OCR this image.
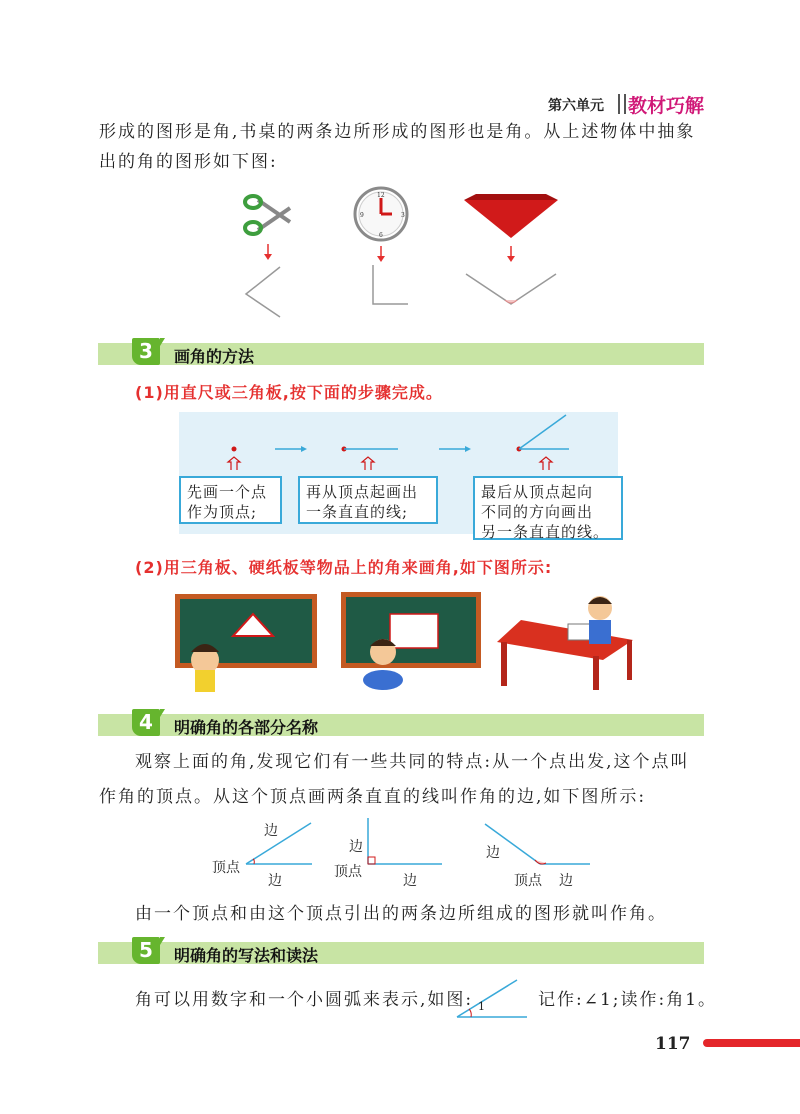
第六单元 教材巧解
形成的图形是角,书桌的两条边所形成的图形也是角。从上述物体中抽象
出的角的图形如下图:
12
3
6
9
3	画角的方法
(1)用直尺或三角板,按下面的步骤完成。
先画一个点
作为顶点;
再从顶点起画出
一条直直的线;
最后从顶点起向
不同的方向画出
另一条直直的线。
(2)用三角板、硬纸板等物品上的角来画角,如下图所示:
4	明确角的各部分名称
观察上面的角,发现它们有一些共同的特点:从一个点出发,这个点叫
作角的顶点。从这个顶点画两条直直的线叫作角的边,如下图所示:
边
顶点
边
边
顶点
边
边
顶点 边
由一个顶点和由这个顶点引出的两条边所组成的图形就叫作角。
5	明确角的写法和读法
角可以用数字和一个小圆弧来表示,如图: 1	记作:∠1;读作:角1。
117
